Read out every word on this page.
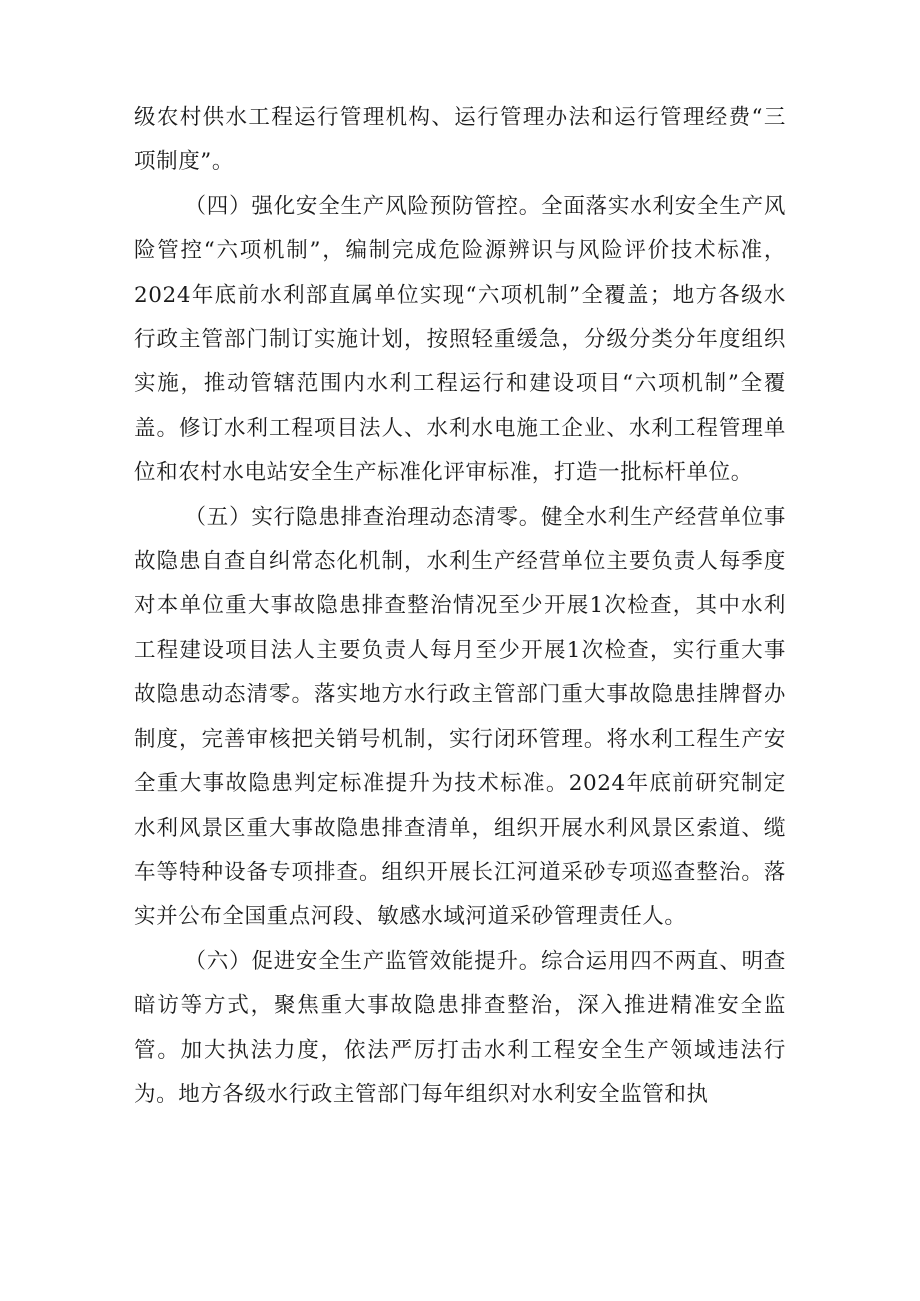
级农村供水工程运行管理机构、运行管理办法和运行管理经费“三项制度”。

（四）强化安全生产风险预防管控。全面落实水利安全生产风险管控“六项机制”，编制完成危险源辨识与风险评价技术标准，2024年底前水利部直属单位实现“六项机制”全覆盖；地方各级水行政主管部门制订实施计划，按照轻重缓急，分级分类分年度组织实施，推动管辖范围内水利工程运行和建设项目“六项机制”全覆盖。修订水利工程项目法人、水利水电施工企业、水利工程管理单位和农村水电站安全生产标准化评审标准，打造一批标杆单位。

（五）实行隐患排查治理动态清零。健全水利生产经营单位事故隐患自查自纠常态化机制，水利生产经营单位主要负责人每季度对本单位重大事故隐患排查整治情况至少开展1次检查，其中水利工程建设项目法人主要负责人每月至少开展1次检查，实行重大事故隐患动态清零。落实地方水行政主管部门重大事故隐患挂牌督办制度，完善审核把关销号机制，实行闭环管理。将水利工程生产安全重大事故隐患判定标准提升为技术标准。2024年底前研究制定水利风景区重大事故隐患排查清单，组织开展水利风景区索道、缆车等特种设备专项排查。组织开展长江河道采砂专项巡查整治。落实并公布全国重点河段、敏感水域河道采砂管理责任人。

（六）促进安全生产监管效能提升。综合运用四不两直、明查暗访等方式，聚焦重大事故隐患排查整治，深入推进精准安全监管。加大执法力度，依法严厉打击水利工程安全生产领域违法行为。地方各级水行政主管部门每年组织对水利安全监管和执
